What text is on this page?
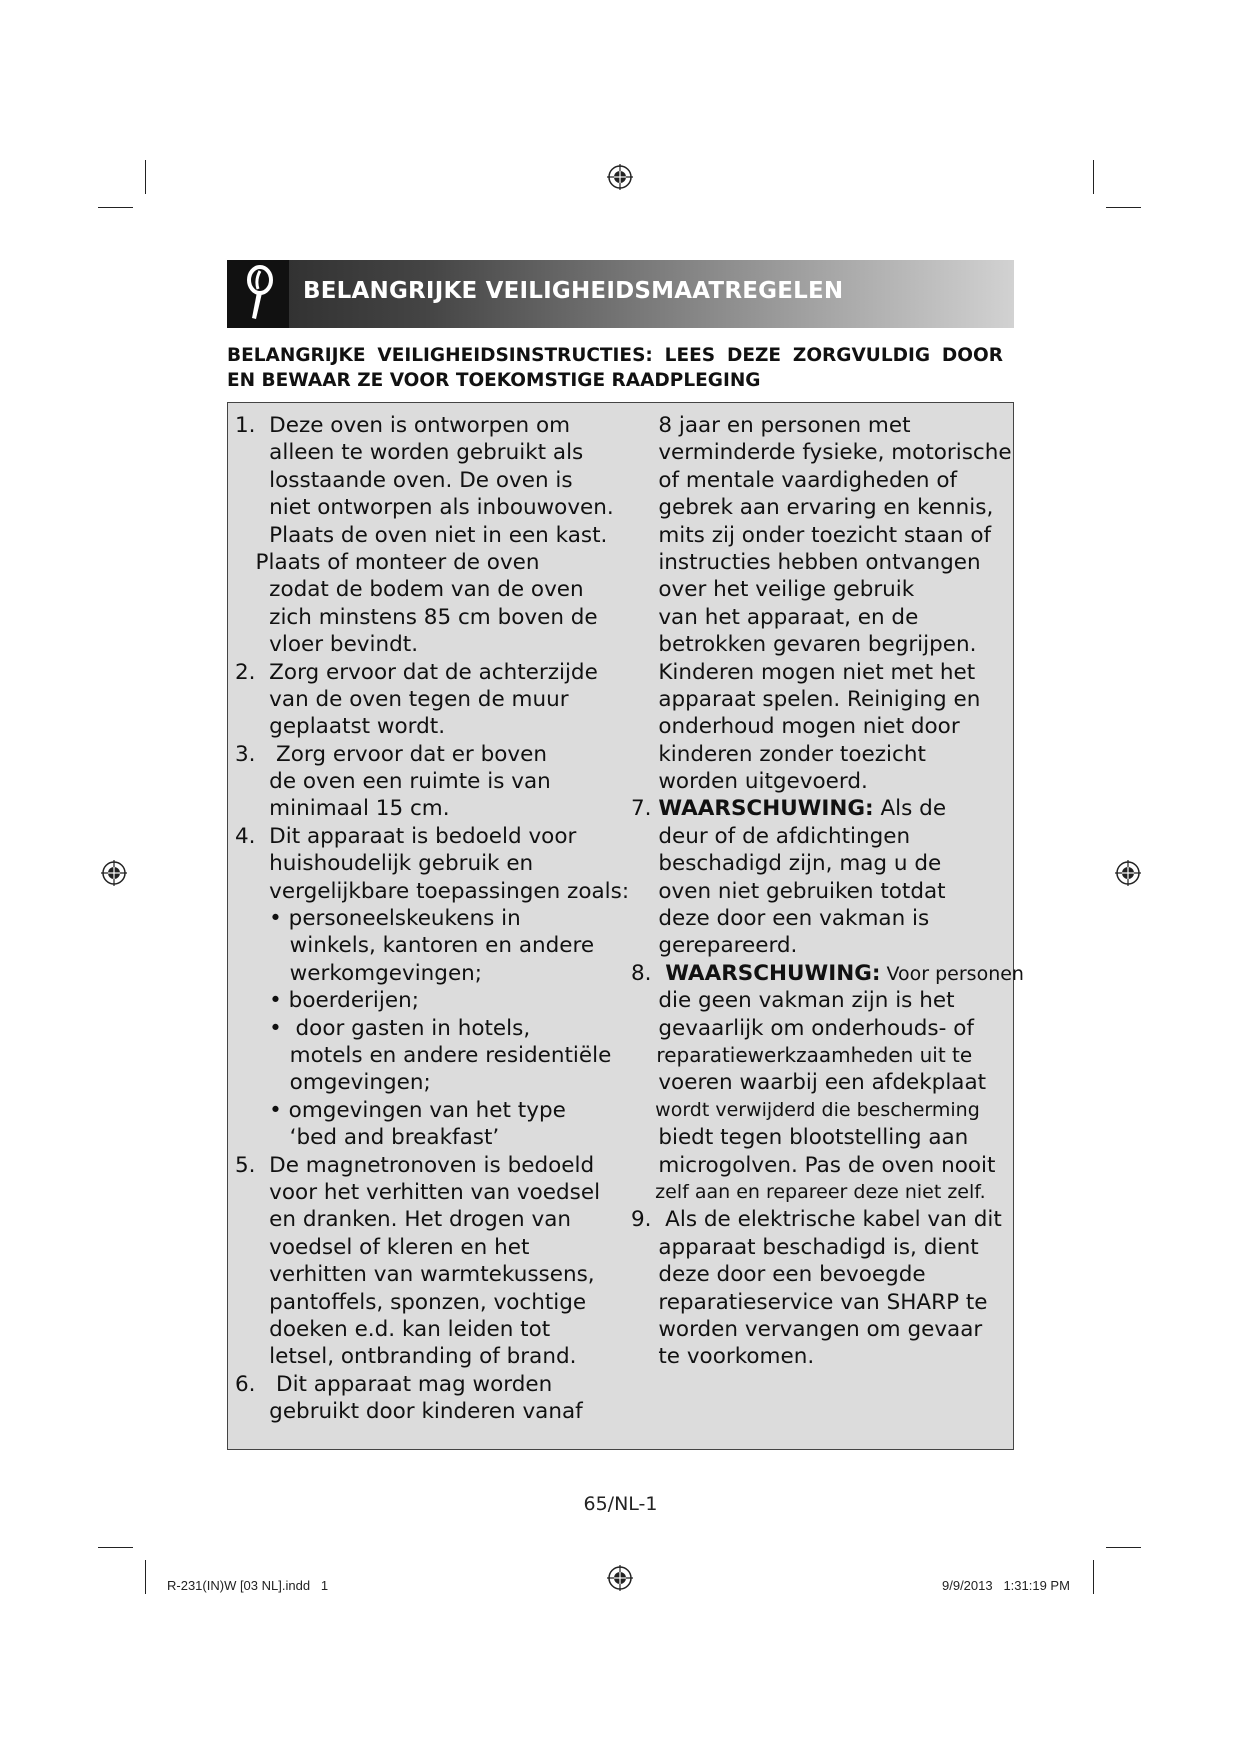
BELANGRIJKE VEILIGHEIDSMAATREGELEN
BELANGRIJKE VEILIGHEIDSINSTRUCTIES: LEES DEZE ZORGVULDIG DOOR
EN BEWAAR ZE VOOR TOEKOMSTIGE RAADPLEGING
1.  Deze oven is ontworpen om
alleen te worden gebruikt als
losstaande oven. De oven is
niet ontworpen als inbouwoven.
Plaats de oven niet in een kast.
Plaats of monteer de oven
zodat de bodem van de oven
zich minstens 85 cm boven de
vloer bevindt.
2.  Zorg ervoor dat de achterzijde
van de oven tegen de muur
geplaatst wordt.
3.   Zorg ervoor dat er boven
de oven een ruimte is van
minimaal 15 cm.
4.  Dit apparaat is bedoeld voor
huishoudelijk gebruik en
vergelijkbare toepassingen zoals:
• personeelskeukens in
winkels, kantoren en andere
werkomgevingen;
• boerderijen;
•  door gasten in hotels,
motels en andere residentiële
omgevingen;
• omgevingen van het type
‘bed and breakfast’
5.  De magnetronoven is bedoeld
voor het verhitten van voedsel
en dranken. Het drogen van
voedsel of kleren en het
verhitten van warmtekussens,
pantoffels, sponzen, vochtige
doeken e.d. kan leiden tot
letsel, ontbranding of brand.
6.   Dit apparaat mag worden
gebruikt door kinderen vanaf
8 jaar en personen met
verminderde fysieke, motorische
of mentale vaardigheden of
gebrek aan ervaring en kennis,
mits zij onder toezicht staan of
instructies hebben ontvangen
over het veilige gebruik
van het apparaat, en de
betrokken gevaren begrijpen.
Kinderen mogen niet met het
apparaat spelen. Reiniging en
onderhoud mogen niet door
kinderen zonder toezicht
worden uitgevoerd.
7. WAARSCHUWING: Als de
deur of de afdichtingen
beschadigd zijn, mag u de
oven niet gebruiken totdat
deze door een vakman is
gerepareerd.
8.  WAARSCHUWING: Voor personen
die geen vakman zijn is het
gevaarlijk om onderhouds- of
reparatiewerkzaamheden uit te
voeren waarbij een afdekplaat
wordt verwijderd die bescherming
biedt tegen blootstelling aan
microgolven. Pas de oven nooit
zelf aan en repareer deze niet zelf.
9.  Als de elektrische kabel van dit
apparaat beschadigd is, dient
deze door een bevoegde
reparatieservice van SHARP te
worden vervangen om gevaar
te voorkomen.
65/NL-1
R-231(IN)W [03 NL].indd   1	9/9/2013   1:31:19 PM
